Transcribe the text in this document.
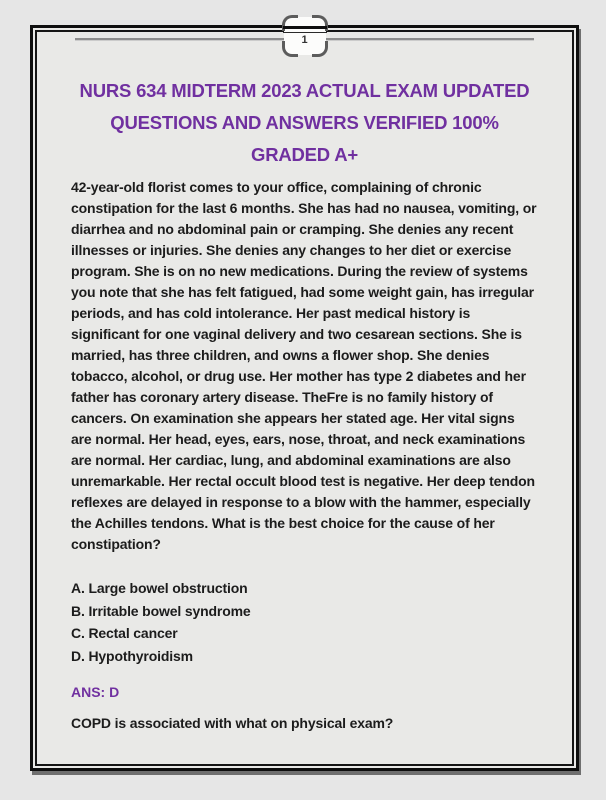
1
NURS 634 MIDTERM 2023 ACTUAL EXAM UPDATED
QUESTIONS AND ANSWERS VERIFIED 100%
GRADED A+

42-year-old florist comes to your office, complaining of chronic constipation for the last 6 months. She has had no nausea, vomiting, or diarrhea and no abdominal pain or cramping. She denies any recent illnesses or injuries. She denies any changes to her diet or exercise program. She is on no new medications. During the review of systems you note that she has felt fatigued, had some weight gain, has irregular periods, and has cold intolerance. Her past medical history is significant for one vaginal delivery and two cesarean sections. She is married, has three children, and owns a flower shop. She denies tobacco, alcohol, or drug use. Her mother has type 2 diabetes and her father has coronary artery disease. TheFre is no family history of cancers. On examination she appears her stated age. Her vital signs are normal. Her head, eyes, ears, nose, throat, and neck examinations are normal. Her cardiac, lung, and abdominal examinations are also unremarkable. Her rectal occult blood test is negative. Her deep tendon reflexes are delayed in response to a blow with the hammer, especially the Achilles tendons. What is the best choice for the cause of her constipation?

A. Large bowel obstruction
B. Irritable bowel syndrome
C. Rectal cancer
D. Hypothyroidism
ANS: D
COPD is associated with what on physical exam?
